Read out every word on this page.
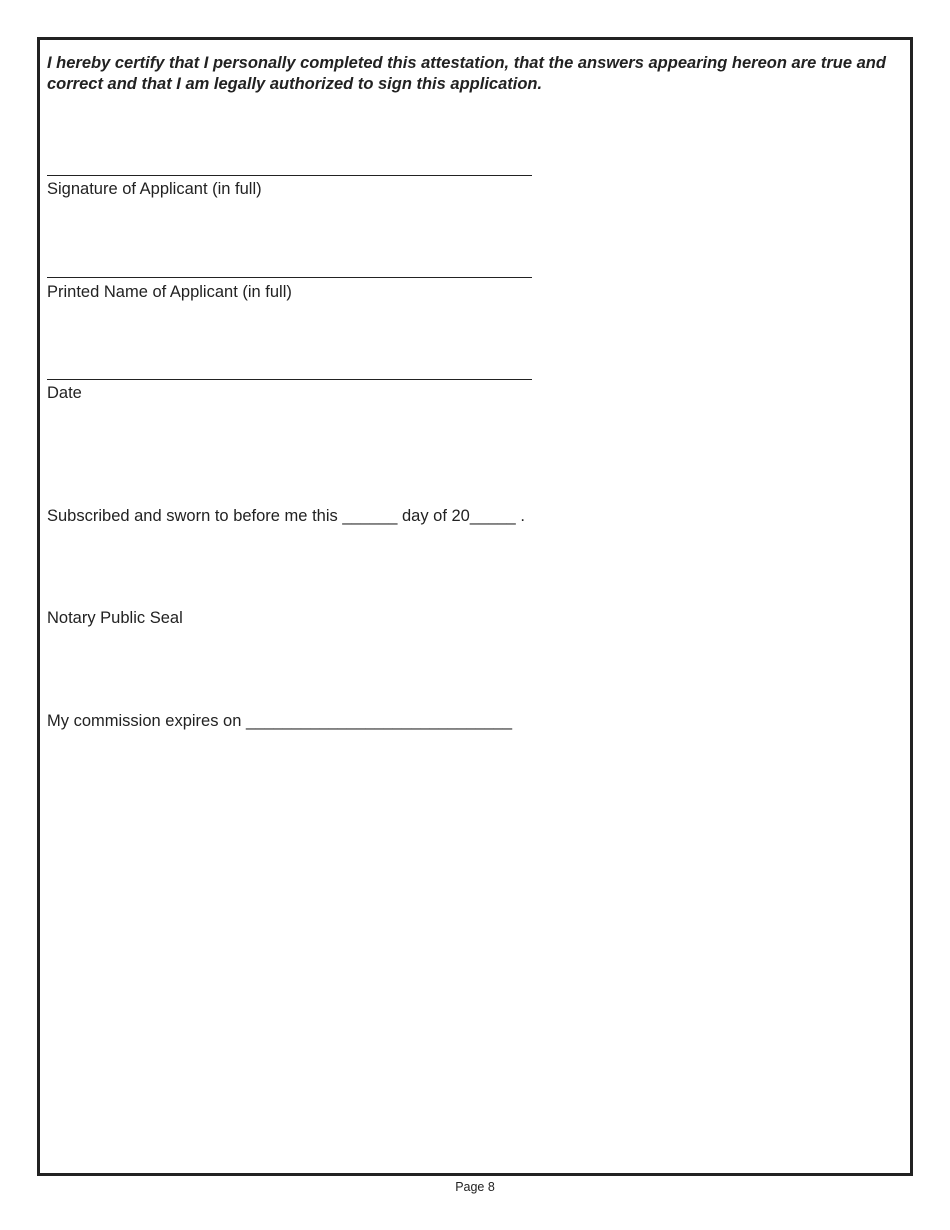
I hereby certify that I personally completed this attestation, that the answers appearing hereon are true and correct and that I am legally authorized to sign this application.

Signature of Applicant (in full)
Printed Name of Applicant (in full)
Date
Subscribed and sworn to before me this ______ day of 20_____ .
Notary Public Seal
My commission expires on _____________________________
Page 8
